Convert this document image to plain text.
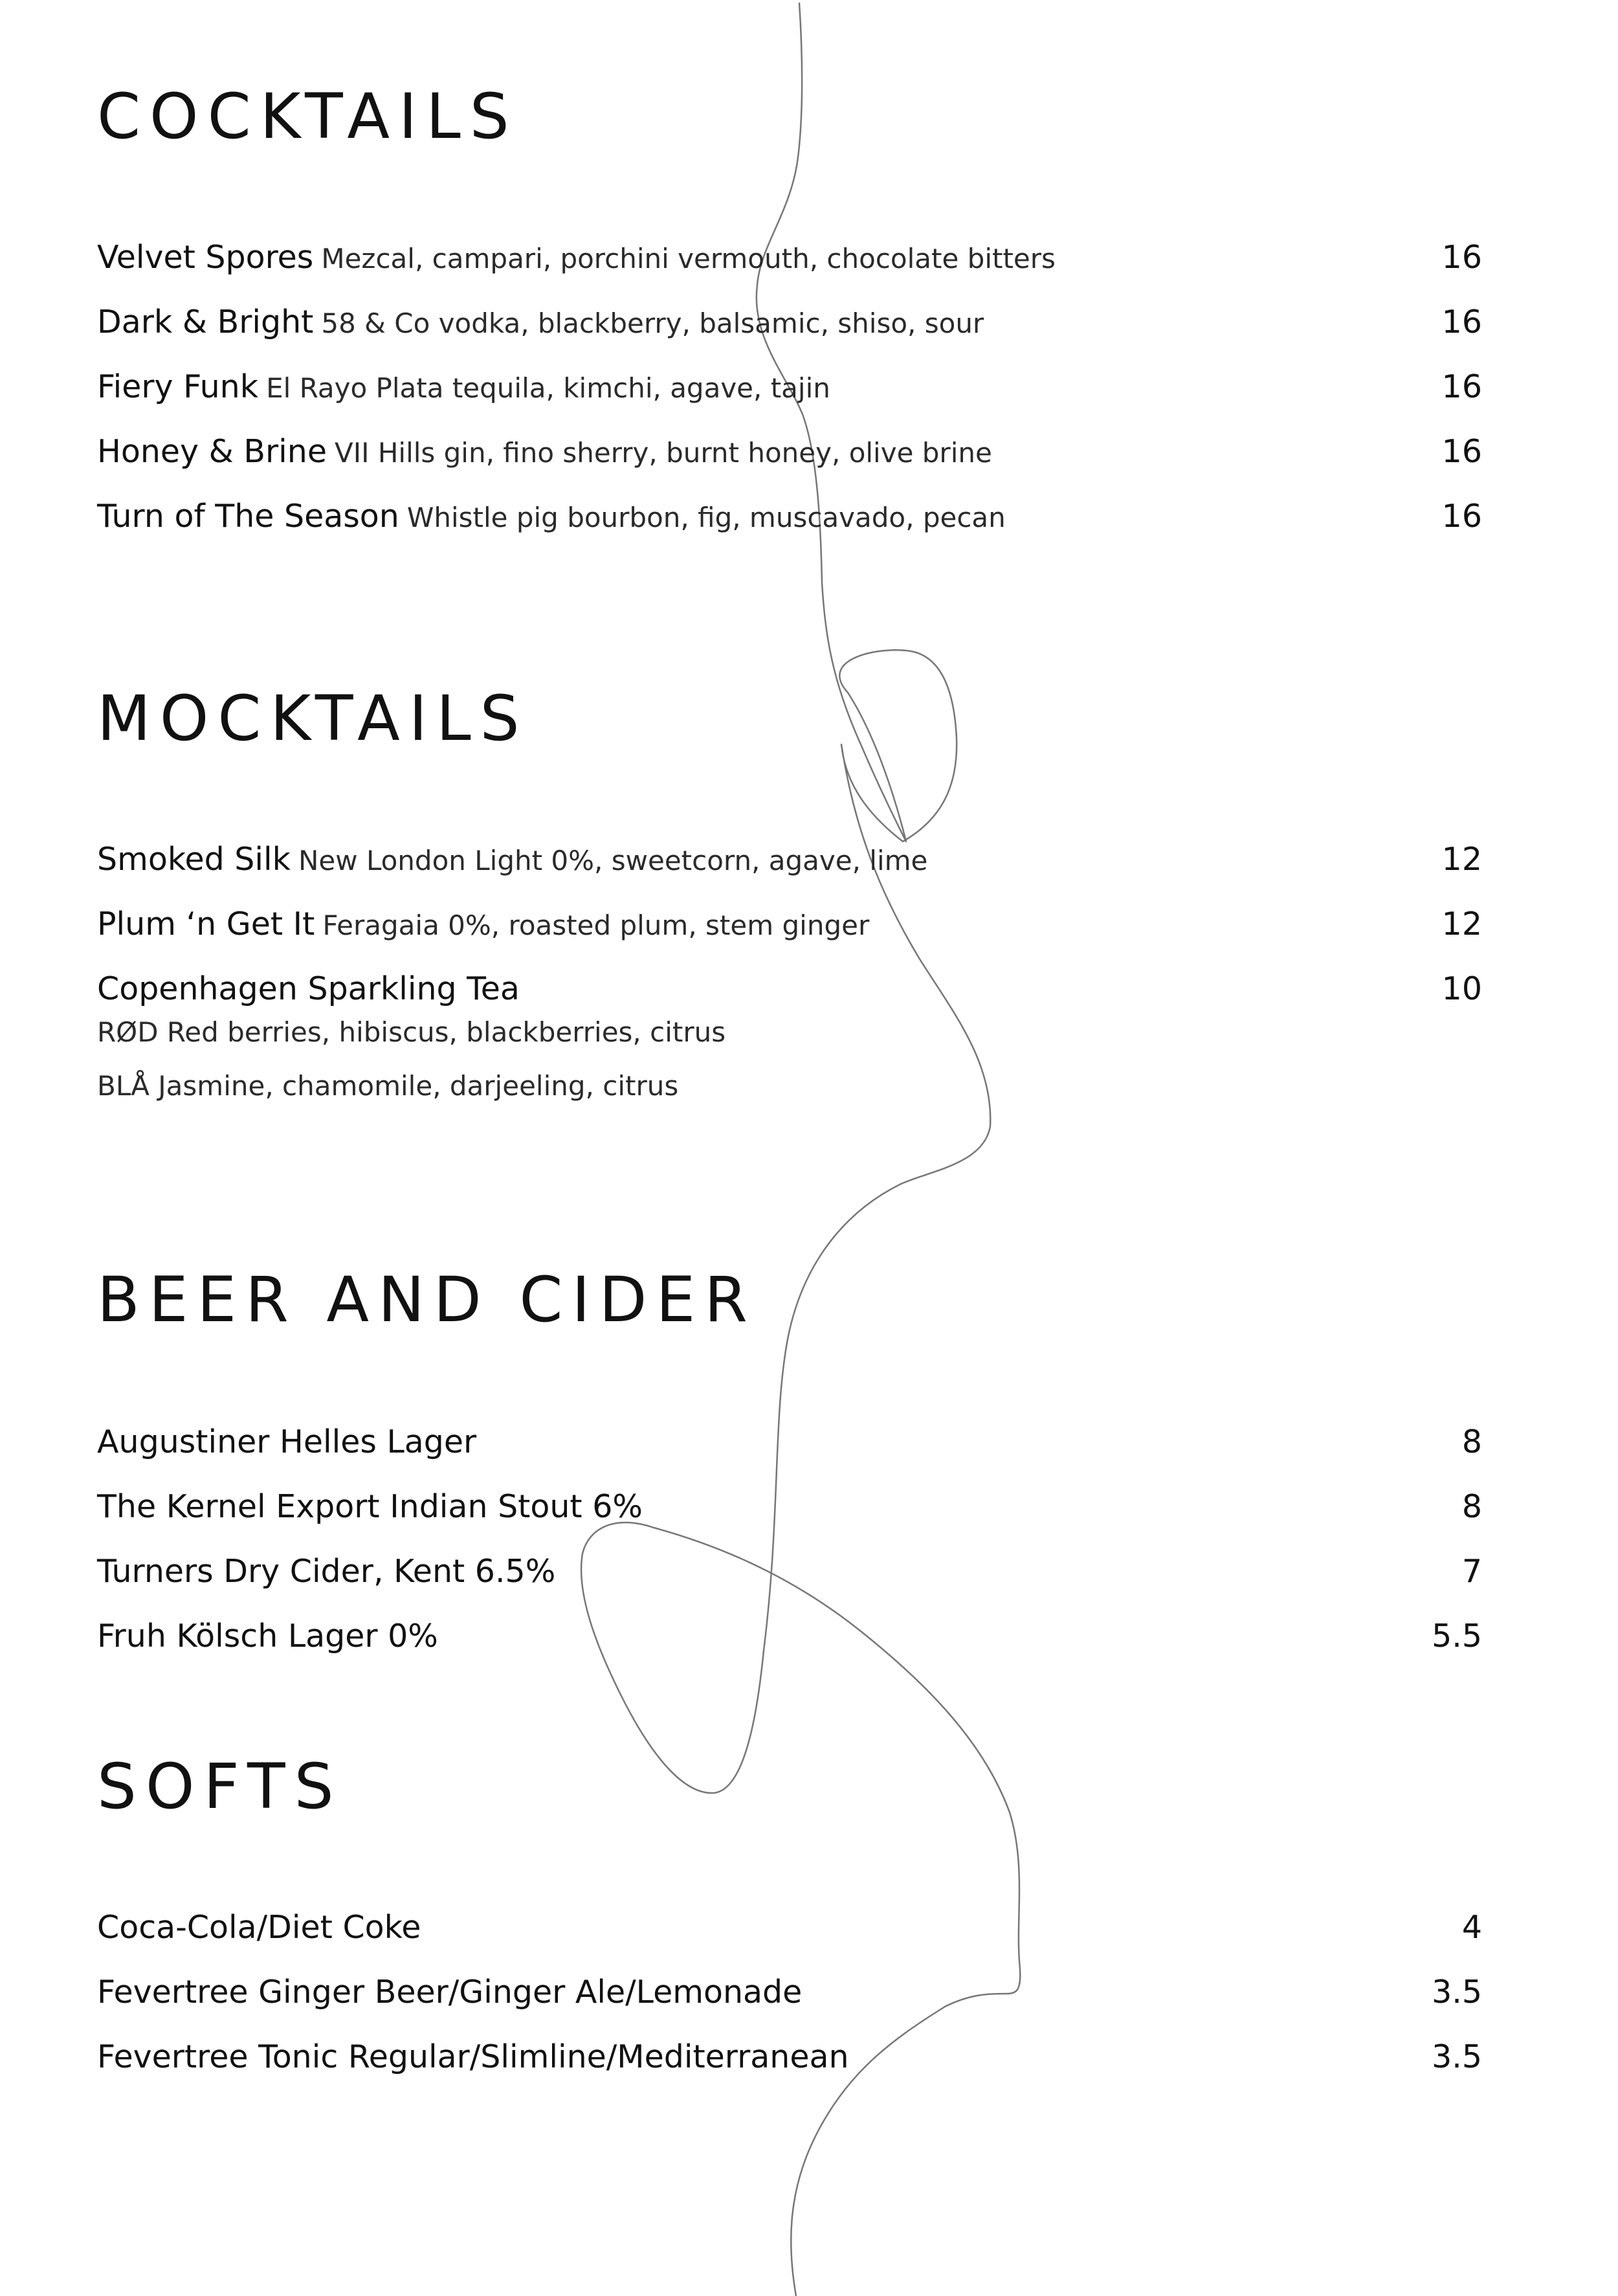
COCKTAILS
Velvet Spores Mezcal, campari, porchini vermouth, chocolate bitters	16
Dark & Bright 58 & Co vodka, blackberry, balsamic, shiso, sour	16
Fiery Funk El Rayo Plata tequila, kimchi, agave, tajin	16
Honey & Brine VII Hills gin, fino sherry, burnt honey, olive brine	16
Turn of The Season Whistle pig bourbon, fig, muscavado, pecan	16
MOCKTAILS
Smoked Silk New London Light 0%, sweetcorn, agave, lime	12
Plum ‘n Get It Feragaia 0%, roasted plum, stem ginger	12
Copenhagen Sparkling Tea	10
RØD Red berries, hibiscus, blackberries, citrus
BLÅ Jasmine, chamomile, darjeeling, citrus
BEER AND CIDER
Augustiner Helles Lager	8
The Kernel Export Indian Stout 6%	8
Turners Dry Cider, Kent 6.5%	7
Fruh Kölsch Lager 0%	5.5
SOFTS
Coca-Cola/Diet Coke	4
Fevertree Ginger Beer/Ginger Ale/Lemonade	3.5
Fevertree Tonic Regular/Slimline/Mediterranean	3.5
